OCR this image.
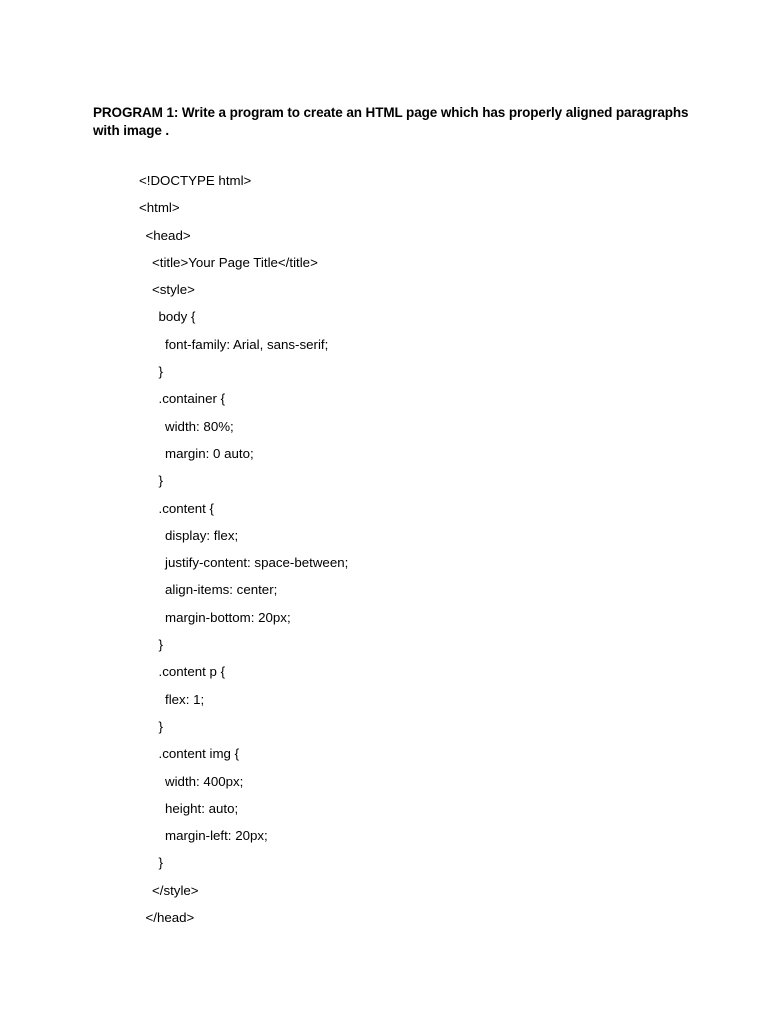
PROGRAM 1: Write a program to create an HTML page which has properly aligned paragraphs with image .
<!DOCTYPE html>
<html>
<head>
<title>Your Page Title</title>
<style>
body {
font-family: Arial, sans-serif;
}
.container {
width: 80%;
margin: 0 auto;
}
.content {
display: flex;
justify-content: space-between;
align-items: center;
margin-bottom: 20px;
}
.content p {
flex: 1;
}
.content img {
width: 400px;
height: auto;
margin-left: 20px;
}
</style>
</head>
